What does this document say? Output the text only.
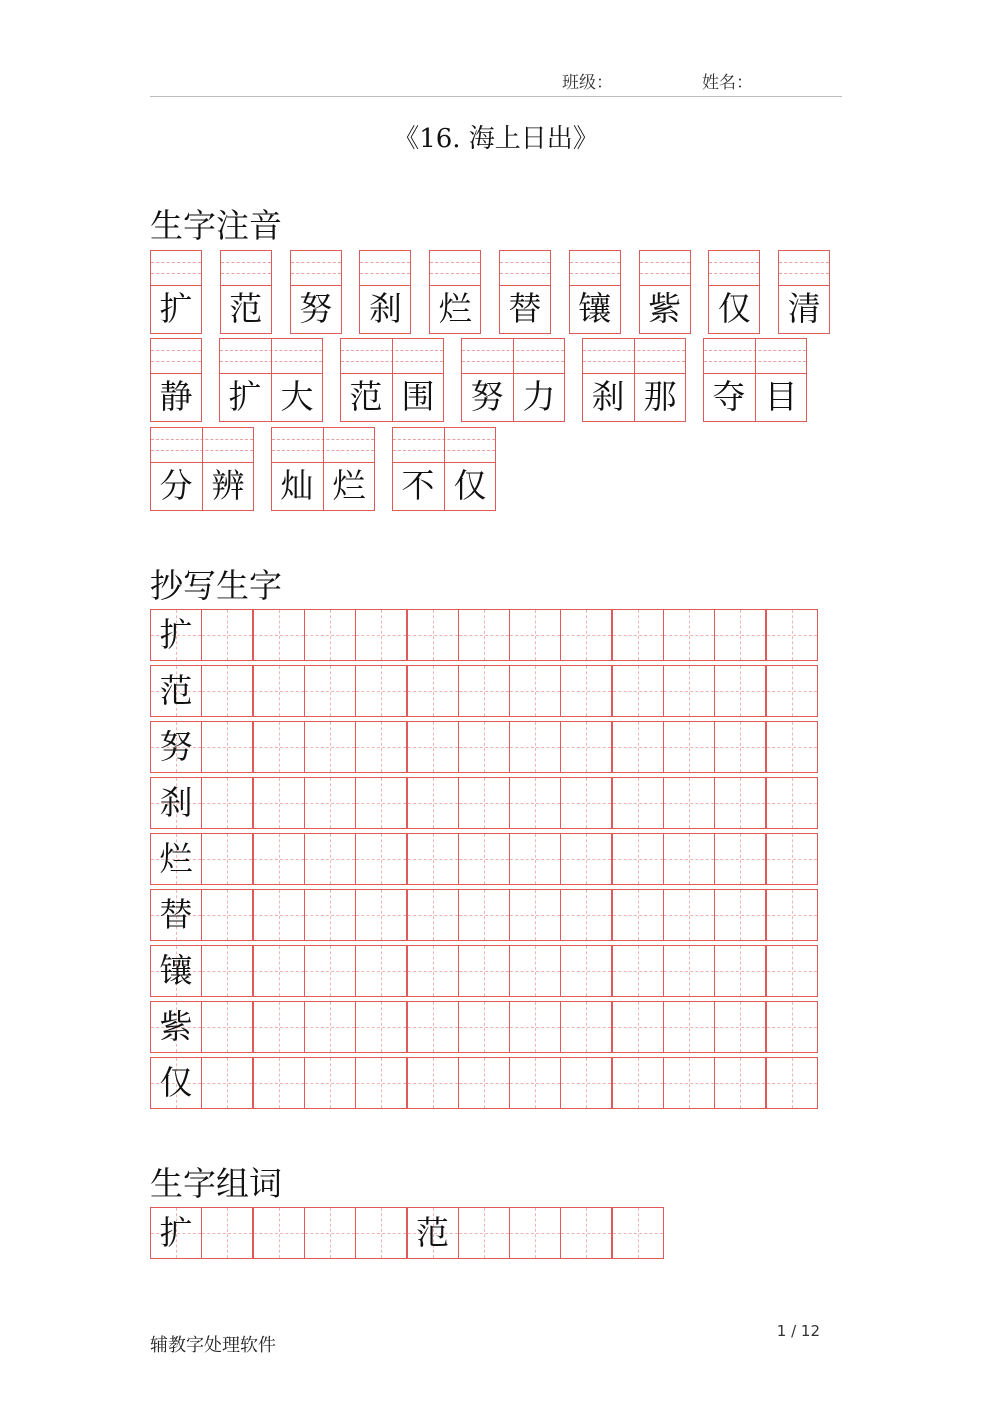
班级：	姓名：
《16. 海上日出》
生字注音
扩 范 努 刹 烂 替 镶 紫 仅 清
静 扩 大 范 围 努 力 刹 那 夺 目
分 辨 灿 烂 不 仅
抄写生字
扩
范
努
刹
烂
替
镶
紫
仅
生字组词
扩	范
辅教字处理软件
1 / 12
